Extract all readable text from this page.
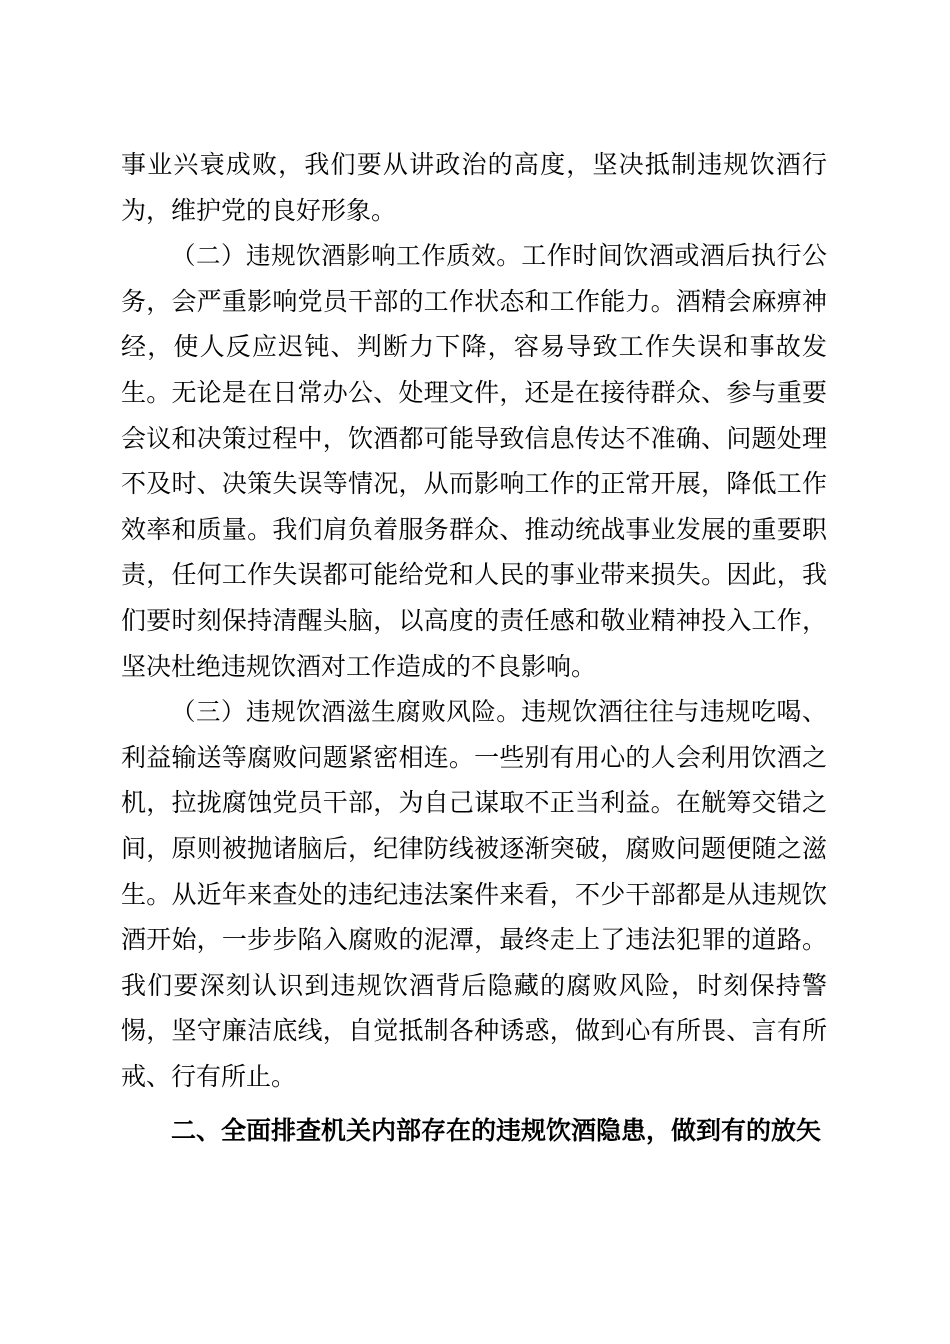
事业兴衰成败，我们要从讲政治的高度，坚决抵制违规饮酒行为，维护党的良好形象。

（二）违规饮酒影响工作质效。工作时间饮酒或酒后执行公务，会严重影响党员干部的工作状态和工作能力。酒精会麻痹神经，使人反应迟钝、判断力下降，容易导致工作失误和事故发生。无论是在日常办公、处理文件，还是在接待群众、参与重要会议和决策过程中，饮酒都可能导致信息传达不准确、问题处理不及时、决策失误等情况，从而影响工作的正常开展，降低工作效率和质量。我们肩负着服务群众、推动统战事业发展的重要职责，任何工作失误都可能给党和人民的事业带来损失。因此，我们要时刻保持清醒头脑，以高度的责任感和敬业精神投入工作，坚决杜绝违规饮酒对工作造成的不良影响。

（三）违规饮酒滋生腐败风险。违规饮酒往往与违规吃喝、利益输送等腐败问题紧密相连。一些别有用心的人会利用饮酒之机，拉拢腐蚀党员干部，为自己谋取不正当利益。在觥筹交错之间，原则被抛诸脑后，纪律防线被逐渐突破，腐败问题便随之滋生。从近年来查处的违纪违法案件来看，不少干部都是从违规饮酒开始，一步步陷入腐败的泥潭，最终走上了违法犯罪的道路。我们要深刻认识到违规饮酒背后隐藏的腐败风险，时刻保持警惕，坚守廉洁底线，自觉抵制各种诱惑，做到心有所畏、言有所戒、行有所止。

二、全面排查机关内部存在的违规饮酒隐患，做到有的放矢
